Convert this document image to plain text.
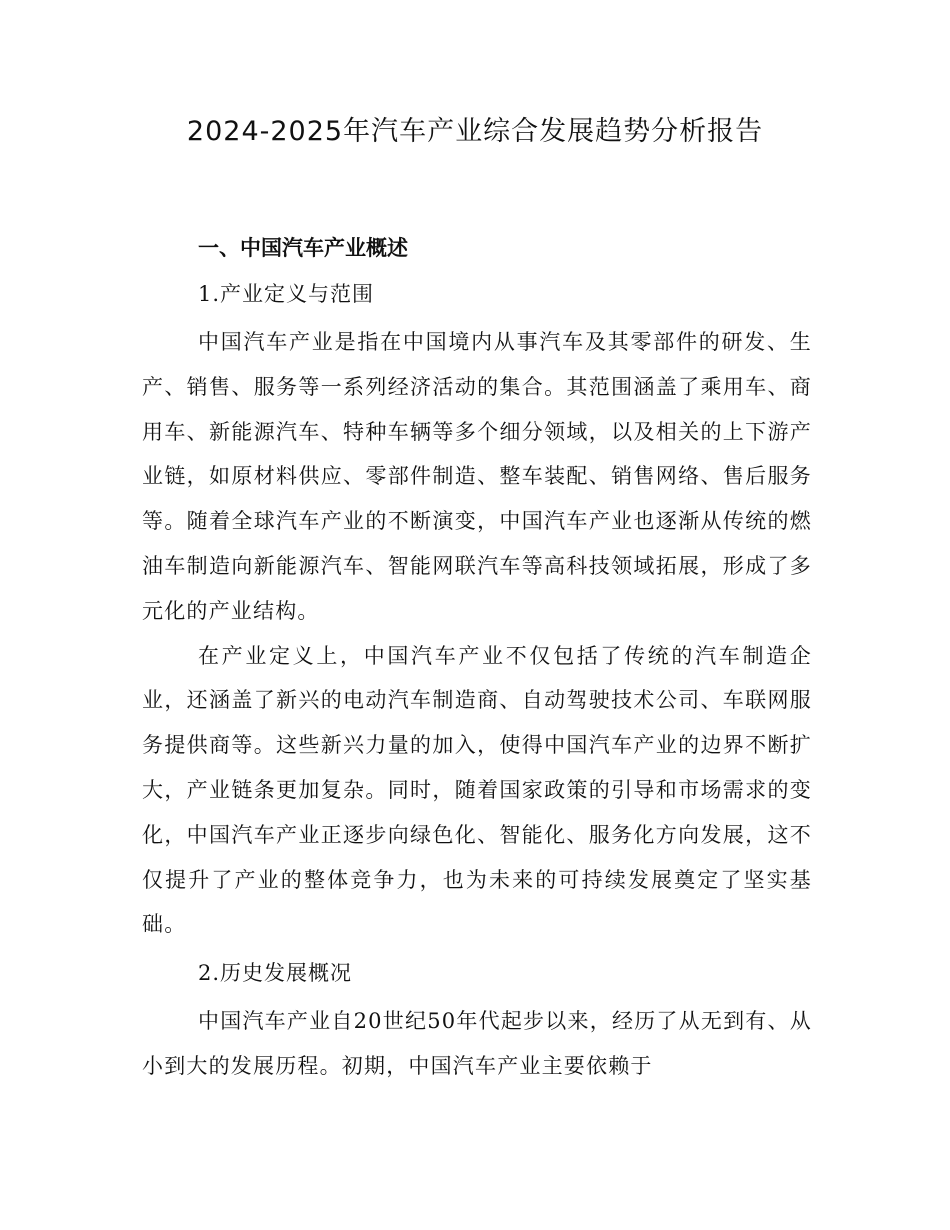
2024-2025年汽车产业综合发展趋势分析报告
一、中国汽车产业概述
1.产业定义与范围

中国汽车产业是指在中国境内从事汽车及其零部件的研发、生产、销售、服务等一系列经济活动的集合。其范围涵盖了乘用车、商用车、新能源汽车、特种车辆等多个细分领域，以及相关的上下游产业链，如原材料供应、零部件制造、整车装配、销售网络、售后服务等。随着全球汽车产业的不断演变，中国汽车产业也逐渐从传统的燃油车制造向新能源汽车、智能网联汽车等高科技领域拓展，形成了多元化的产业结构。

在产业定义上，中国汽车产业不仅包括了传统的汽车制造企业，还涵盖了新兴的电动汽车制造商、自动驾驶技术公司、车联网服务提供商等。这些新兴力量的加入，使得中国汽车产业的边界不断扩大，产业链条更加复杂。同时，随着国家政策的引导和市场需求的变化，中国汽车产业正逐步向绿色化、智能化、服务化方向发展，这不仅提升了产业的整体竞争力，也为未来的可持续发展奠定了坚实基础。

2.历史发展概况

中国汽车产业自20世纪50年代起步以来，经历了从无到有、从小到大的发展历程。初期，中国汽车产业主要依赖于
